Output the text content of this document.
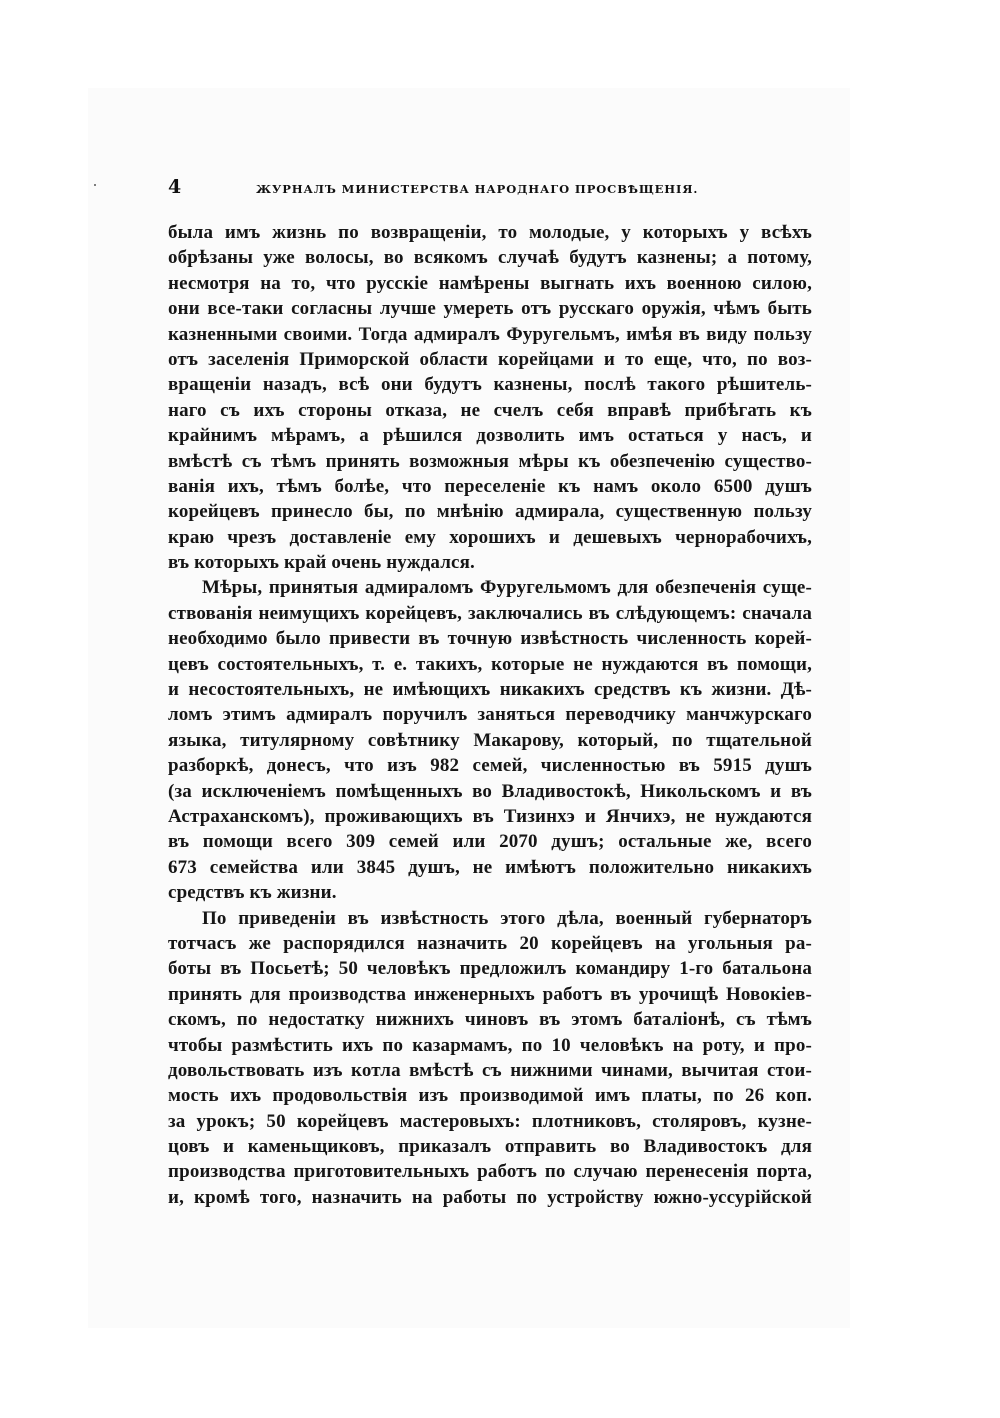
4	ЖУРНАЛЪ МИНИСТЕРСТВА НАРОДНАГО ПРОСВѢЩЕНІЯ.
была имъ жизнь по возвращеніи, то молодые, у которыхъ у всѣхъ
обрѣзаны уже волосы, во всякомъ случаѣ будутъ казнены; а потому,
несмотря на то, что русскіе намѣрены выгнать ихъ военною силою,
они все-таки согласны лучше умереть отъ русскаго оружія, чѣмъ быть
казненными своими. Тогда адмиралъ Фуругельмъ, имѣя въ виду пользу
отъ заселенія Приморской области корейцами и то еще, что, по воз-
вращеніи назадъ, всѣ они будутъ казнены, послѣ такого рѣшитель-
наго съ ихъ стороны отказа, не счелъ себя вправѣ прибѣгать къ
крайнимъ мѣрамъ, а рѣшился дозволить имъ остаться у насъ, и
вмѣстѣ съ тѣмъ принять возможныя мѣры къ обезпеченію существо-
ванія ихъ, тѣмъ болѣе, что переселеніе къ намъ около 6500 душъ
корейцевъ принесло бы, по мнѣнію адмирала, существенную пользу
краю чрезъ доставленіе ему хорошихъ и дешевыхъ чернорабочихъ,
въ которыхъ край очень нуждался.
Мѣры, принятыя адмираломъ Фуругельмомъ для обезпеченія суще-
ствованія неимущихъ корейцевъ, заключались въ слѣдующемъ: сначала
необходимо было привести въ точную извѣстность численность корей-
цевъ состоятельныхъ, т. е. такихъ, которые не нуждаются въ помощи,
и несостоятельныхъ, не имѣющихъ никакихъ средствъ къ жизни. Дѣ-
ломъ этимъ адмиралъ поручилъ заняться переводчику манчжурскаго
языка, титулярному совѣтнику Макарову, который, по тщательной
разборкѣ, донесъ, что изъ 982 семей, численностью въ 5915 душъ
(за исключеніемъ помѣщенныхъ во Владивостокѣ, Никольскомъ и въ
Астраханскомъ), проживающихъ въ Тизинхэ и Янчихэ, не нуждаются
въ помощи всего 309 семей или 2070 душъ; остальные же, всего
673 семейства или 3845 душъ, не имѣютъ положительно никакихъ
средствъ къ жизни.
По приведеніи въ извѣстность этого дѣла, военный губернаторъ
тотчасъ же распорядился назначить 20 корейцевъ на угольныя ра-
боты въ Посьетѣ; 50 человѣкъ предложилъ командиру 1-го батальона
принять для производства инженерныхъ работъ въ урочищѣ Новокіев-
скомъ, по недостатку нижнихъ чиновъ въ этомъ баталіонѣ, съ тѣмъ
чтобы размѣстить ихъ по казармамъ, по 10 человѣкъ на роту, и про-
довольствовать изъ котла вмѣстѣ съ нижними чинами, вычитая стои-
мость ихъ продовольствія изъ производимой имъ платы, по 26 коп.
за урокъ; 50 корейцевъ мастеровыхъ: плотниковъ, столяровъ, кузне-
цовъ и каменьщиковъ, приказалъ отправить во Владивостокъ для
производства приготовительныхъ работъ по случаю перенесенія порта,
и, кромѣ того, назначить на работы по устройству южно-уссурійской
